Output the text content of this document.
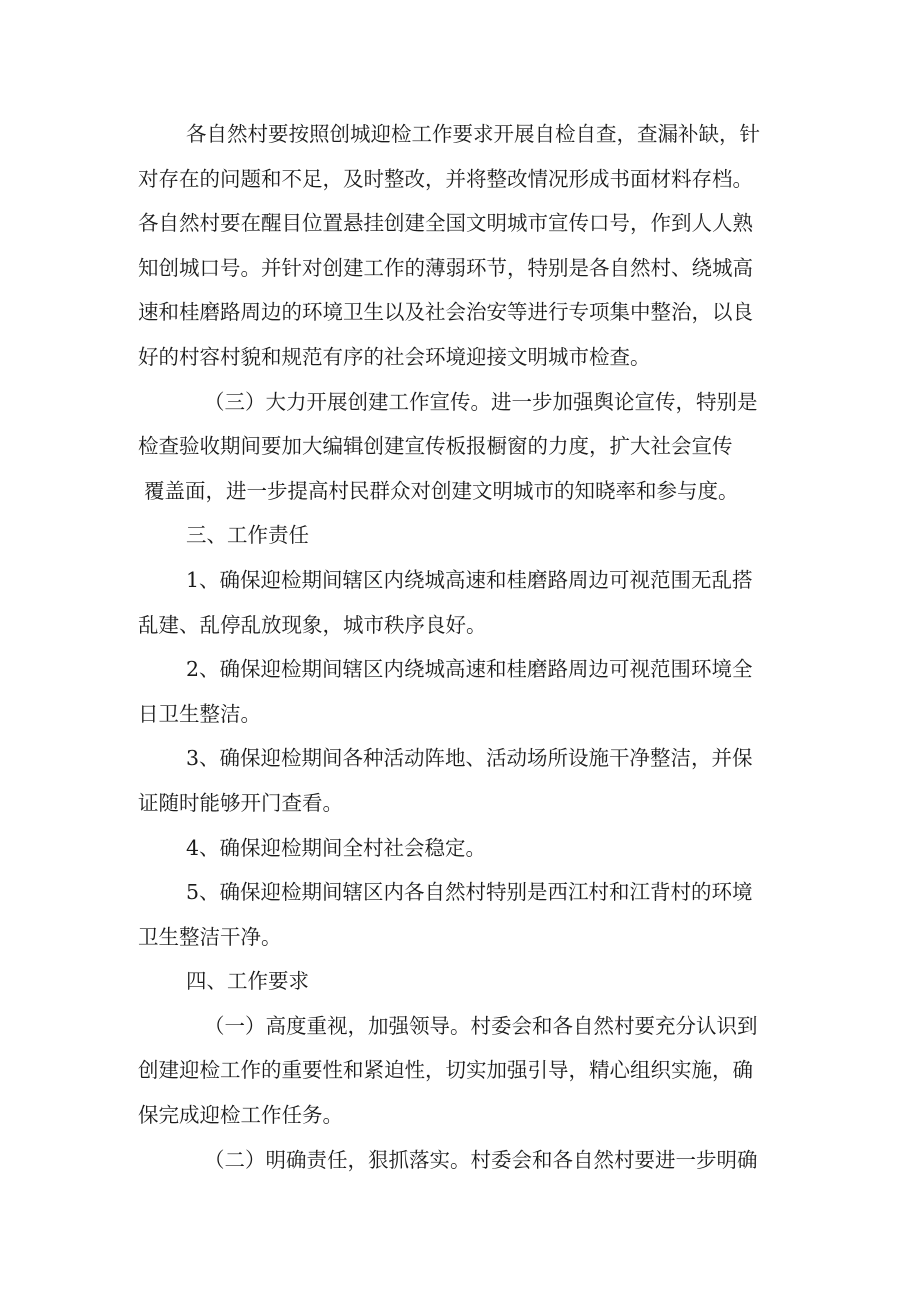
各自然村要按照创城迎检工作要求开展自检自查，查漏补缺，针
对存在的问题和不足，及时整改，并将整改情况形成书面材料存档。
各自然村要在醒目位置悬挂创建全国文明城市宣传口号，作到人人熟
知创城口号。并针对创建工作的薄弱环节，特别是各自然村、绕城高
速和桂磨路周边的环境卫生以及社会治安等进行专项集中整治，以良
好的村容村貌和规范有序的社会环境迎接文明城市检查。
（三）大力开展创建工作宣传。进一步加强舆论宣传，特别是
检查验收期间要加大编辑创建宣传板报橱窗的力度，扩大社会宣传
覆盖面，进一步提高村民群众对创建文明城市的知晓率和参与度。
三、工作责任
1、确保迎检期间辖区内绕城高速和桂磨路周边可视范围无乱搭
乱建、乱停乱放现象，城市秩序良好。
2、确保迎检期间辖区内绕城高速和桂磨路周边可视范围环境全
日卫生整洁。
3、确保迎检期间各种活动阵地、活动场所设施干净整洁，并保
证随时能够开门查看。
4、确保迎检期间全村社会稳定。
5、确保迎检期间辖区内各自然村特别是西江村和江背村的环境
卫生整洁干净。
四、工作要求
（一）高度重视，加强领导。村委会和各自然村要充分认识到
创建迎检工作的重要性和紧迫性，切实加强引导，精心组织实施，确
保完成迎检工作任务。
（二）明确责任，狠抓落实。村委会和各自然村要进一步明确
